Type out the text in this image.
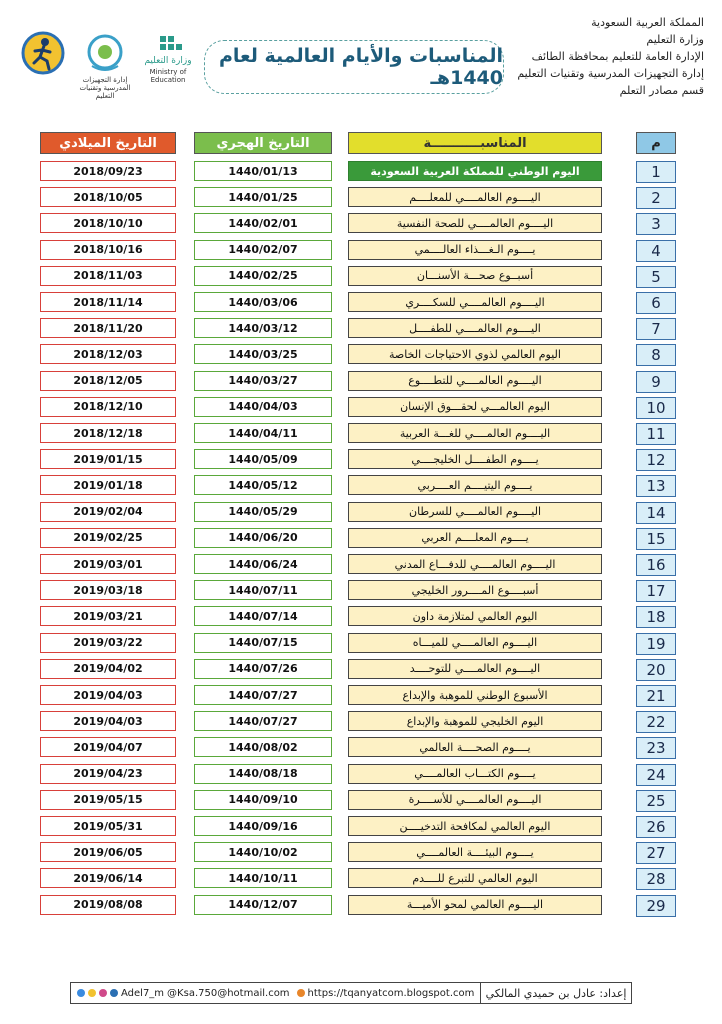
المملكة العربية السعودية
وزارة التعليم
الإدارة العامة للتعليم بمحافظة الطائف
إدارة التجهيزات المدرسية وتقنيات التعليم
قسم مصادر التعلم
إدارة التجهيزات المدرسية وتقنيات التعليم
وزارة التعليم
Ministry of Education
المناسبات والأيام العالمية لعام 1440هـ
التاريخ الميلادي	التاريخ الهجري	المناسبـــــــــــة	م
2018/09/23	1440/01/13	اليوم الوطني للمملكة العربية السعودية	1
2018/10/05	1440/01/25	اليــــوم العالمــــي للمعلــــم	2
2018/10/10	1440/02/01	اليــــوم العالمــــي للصحة النفسية	3
2018/10/16	1440/02/07	يــــوم الـغـــذاء العالــــمي	4
2018/11/03	1440/02/25	أسبــوع صحـــة الأسنـــان	5
2018/11/14	1440/03/06	اليــــوم العالمــــي للسكــــري	6
2018/11/20	1440/03/12	اليــــوم العالمــــي للطفــــل	7
2018/12/03	1440/03/25	اليوم العالمي لذوي الاحتياجات الخاصة	8
2018/12/05	1440/03/27	اليــــوم العالمــــي للتطــــوع	9
2018/12/10	1440/04/03	اليوم العالمـــي لحقـــوق الإنسان	10
2018/12/18	1440/04/11	اليــــوم العالمــــي للغـــة العربية	11
2019/01/15	1440/05/09	يــــوم الطفــــل الخليجــــي	12
2019/01/18	1440/05/12	يــــوم اليتيــــم العــــربي	13
2019/02/04	1440/05/29	اليــــوم العالمــــي للسرطان	14
2019/02/25	1440/06/20	يــــوم المعلــــم العربي	15
2019/03/01	1440/06/24	اليــــوم العالمــــي للدفـــاع المدني	16
2019/03/18	1440/07/11	أسبــــوع المــــرور الخليجي	17
2019/03/21	1440/07/14	اليوم العالمي لمتلازمة داون	18
2019/03/22	1440/07/15	اليــــوم العالمــــي للميـــاه	19
2019/04/02	1440/07/26	اليــــوم العالمــــي للتوحــــد	20
2019/04/03	1440/07/27	الأسبوع الوطني للموهبة والإبداع	21
2019/04/03	1440/07/27	اليوم الخليجي للموهبة والإبداع	22
2019/04/07	1440/08/02	يــــوم الصحــــة العالمي	23
2019/04/23	1440/08/18	يــــوم الكتـــاب العالمــــي	24
2019/05/15	1440/09/10	اليــــوم العالمــــي للأســــرة	25
2019/05/31	1440/09/16	اليوم العالمي لمكافحة التدخيــــن	26
2019/06/05	1440/10/02	يــــوم البيئــــة العالمــــي	27
2019/06/14	1440/10/11	اليوم العالمي للتبرع للــــدم	28
2019/08/08	1440/12/07	اليــــوم العالمي لمحو الأميـــة	29
Adel7_m @Ksa.750@hotmail.com https://tqanyatcom.blogspot.com	إعداد: عادل بن حميدي المالكي
